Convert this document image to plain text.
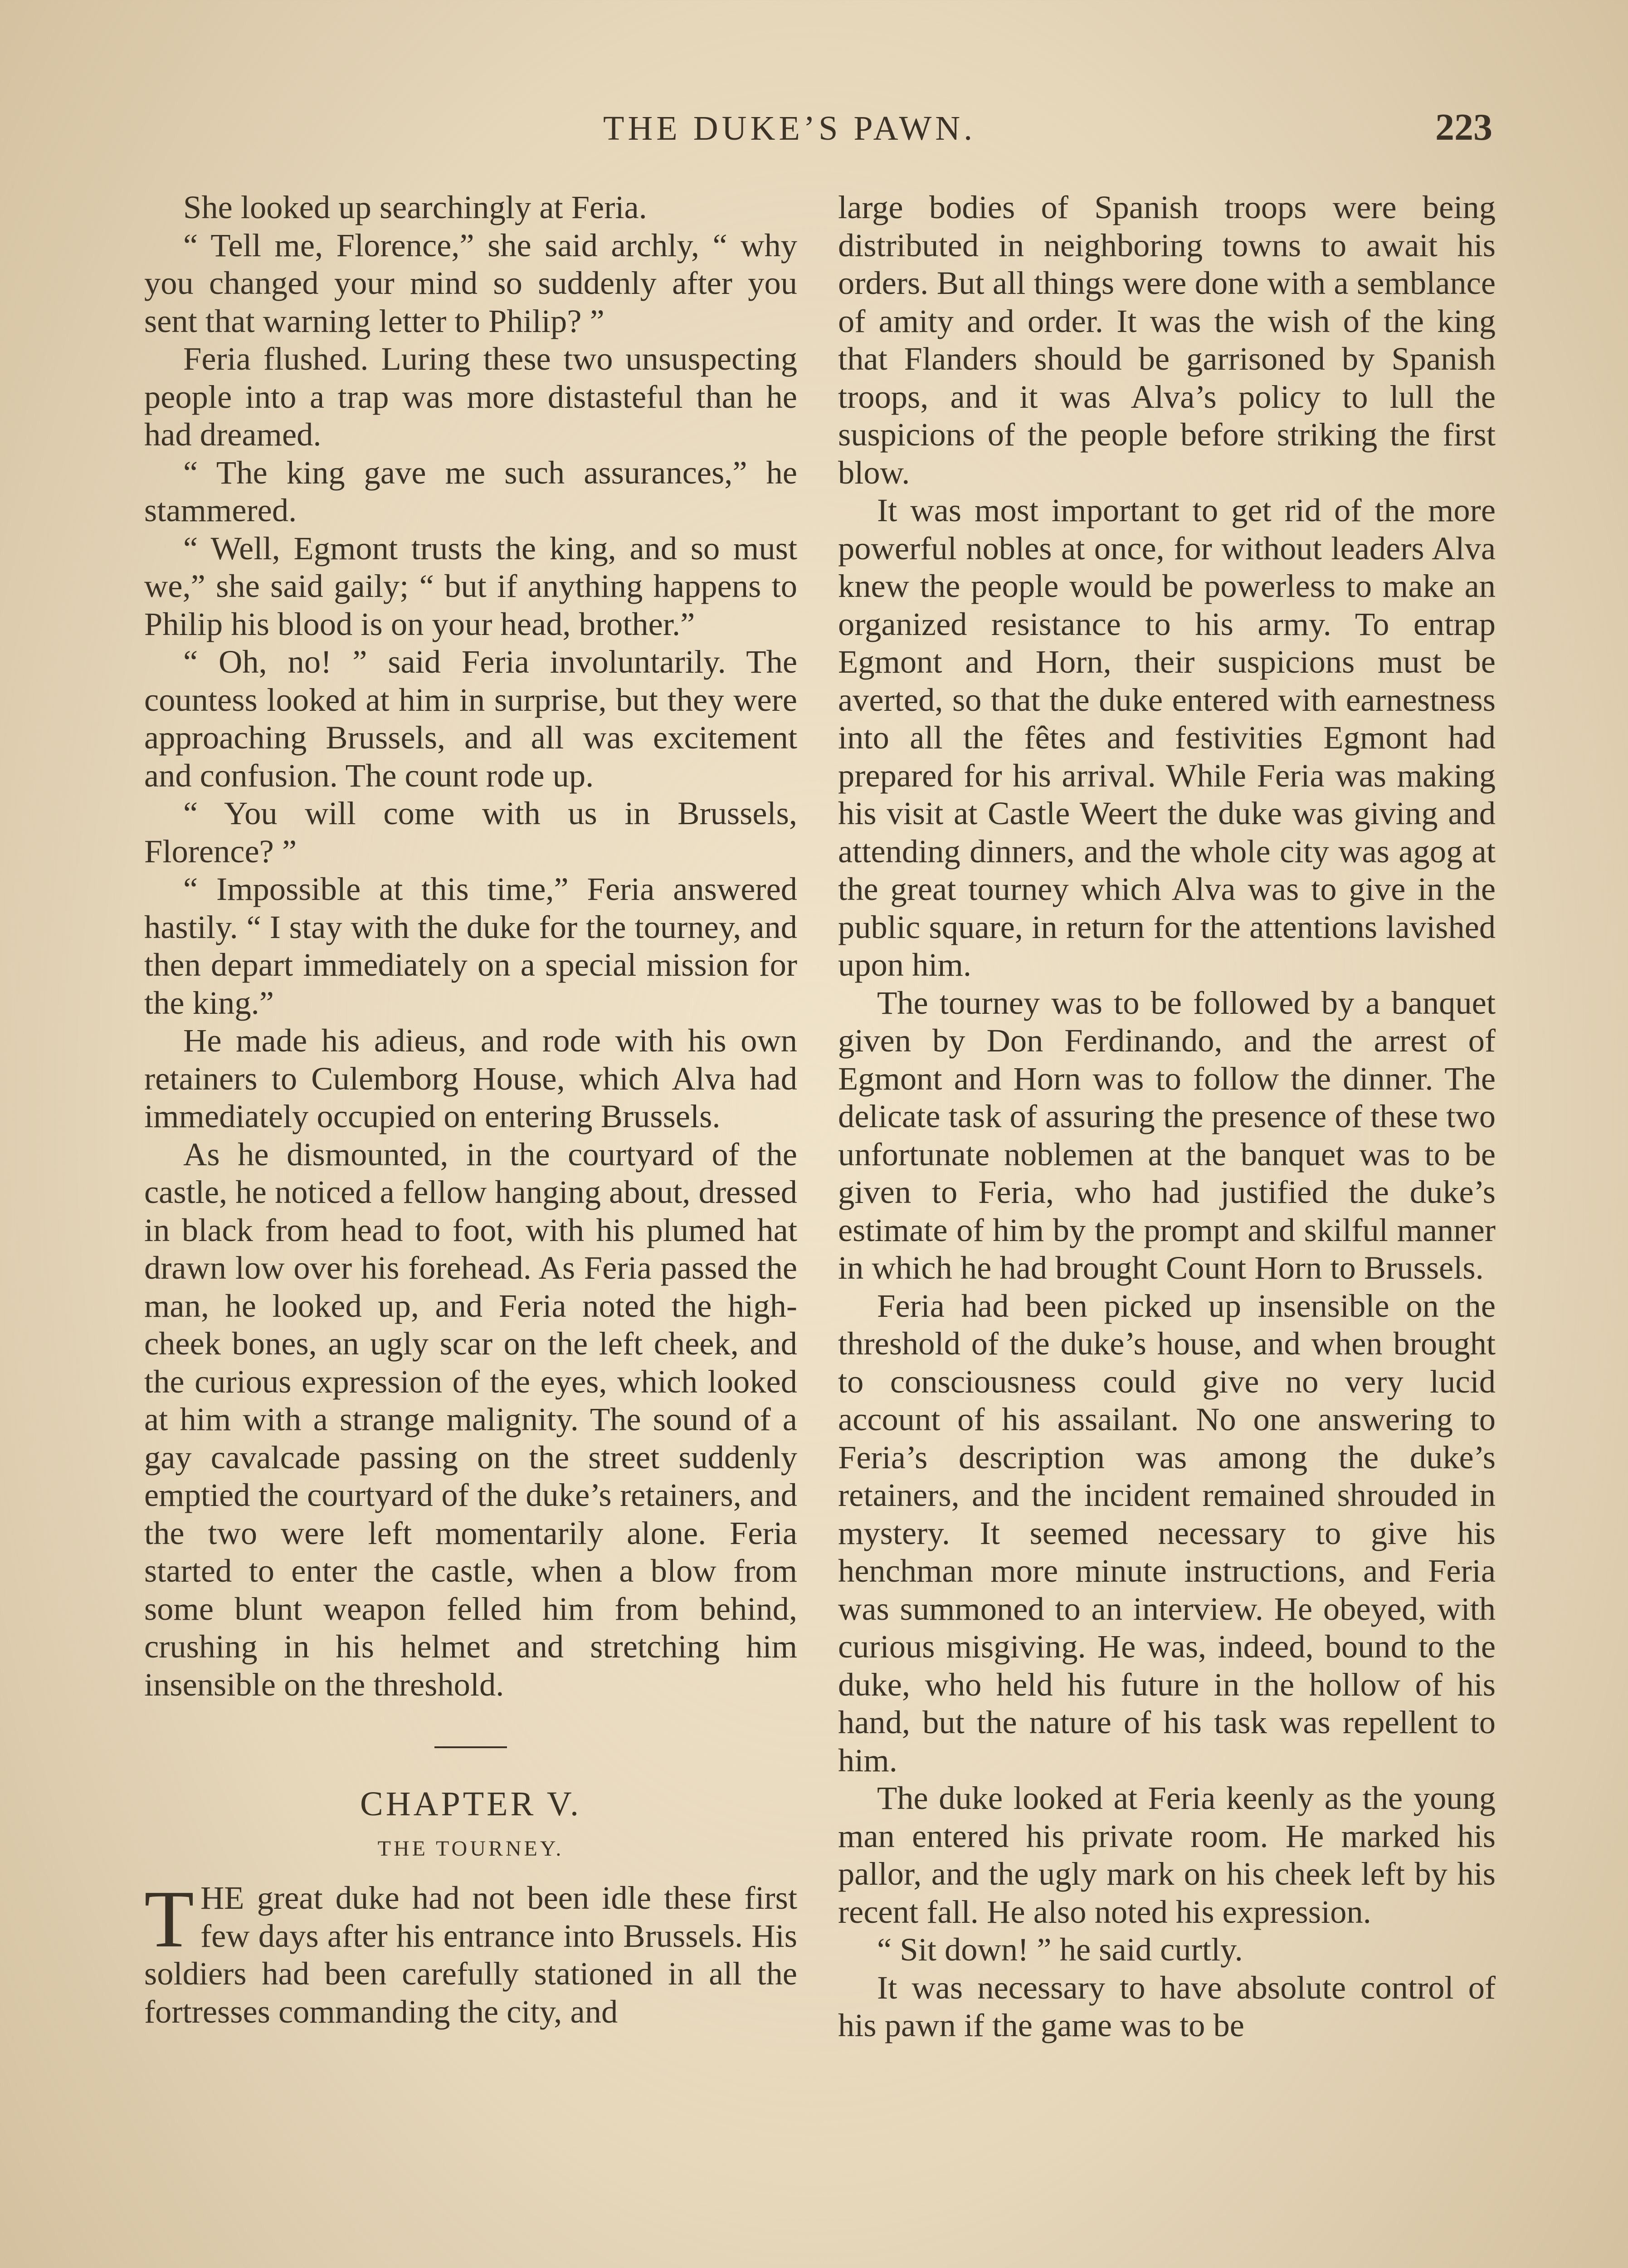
THE DUKE’S PAWN.	223

She looked up searchingly at Feria.

“ Tell me, Florence,” she said archly, “ why you changed your mind so suddenly after you sent that warning letter to Philip? ”

Feria flushed. Luring these two unsuspecting people into a trap was more distasteful than he had dreamed.

“ The king gave me such assurances,” he stammered.

“ Well, Egmont trusts the king, and so must we,” she said gaily; “ but if anything happens to Philip his blood is on your head, brother.”

“ Oh, no! ” said Feria involuntarily. The countess looked at him in surprise, but they were approaching Brussels, and all was excitement and confusion. The count rode up.

“ You will come with us in Brussels, Florence? ”

“ Impossible at this time,” Feria answered hastily. “ I stay with the duke for the tourney, and then depart immediately on a special mission for the king.”

He made his adieus, and rode with his own retainers to Culemborg House, which Alva had immediately occupied on entering Brussels.

As he dismounted, in the courtyard of the castle, he noticed a fellow hanging about, dressed in black from head to foot, with his plumed hat drawn low over his forehead. As Feria passed the man, he looked up, and Feria noted the high-cheek bones, an ugly scar on the left cheek, and the curious expression of the eyes, which looked at him with a strange malignity. The sound of a gay cavalcade passing on the street suddenly emptied the courtyard of the duke’s retainers, and the two were left momentarily alone. Feria started to enter the castle, when a blow from some blunt weapon felled him from behind, crushing in his helmet and stretching him insensible on the threshold.

CHAPTER V.
THE TOURNEY.

THE great duke had not been idle these first few days after his entrance into Brussels. His soldiers had been carefully stationed in all the fortresses commanding the city, and

large bodies of Spanish troops were being distributed in neighboring towns to await his orders. But all things were done with a semblance of amity and order. It was the wish of the king that Flanders should be garrisoned by Spanish troops, and it was Alva’s policy to lull the suspicions of the people before striking the first blow.

It was most important to get rid of the more powerful nobles at once, for without leaders Alva knew the people would be powerless to make an organized resistance to his army. To entrap Egmont and Horn, their suspicions must be averted, so that the duke entered with earnestness into all the fêtes and festivities Egmont had prepared for his arrival. While Feria was making his visit at Castle Weert the duke was giving and attending dinners, and the whole city was agog at the great tourney which Alva was to give in the public square, in return for the attentions lavished upon him.

The tourney was to be followed by a banquet given by Don Ferdinando, and the arrest of Egmont and Horn was to follow the dinner. The delicate task of assuring the presence of these two unfortunate noblemen at the banquet was to be given to Feria, who had justified the duke’s estimate of him by the prompt and skilful manner in which he had brought Count Horn to Brussels.

Feria had been picked up insensible on the threshold of the duke’s house, and when brought to consciousness could give no very lucid account of his assailant. No one answering to Feria’s description was among the duke’s retainers, and the incident remained shrouded in mystery. It seemed necessary to give his henchman more minute instructions, and Feria was summoned to an interview. He obeyed, with curious misgiving. He was, indeed, bound to the duke, who held his future in the hollow of his hand, but the nature of his task was repellent to him.

The duke looked at Feria keenly as the young man entered his private room. He marked his pallor, and the ugly mark on his cheek left by his recent fall. He also noted his expression.

“ Sit down! ” he said curtly.

It was necessary to have absolute control of his pawn if the game was to be
